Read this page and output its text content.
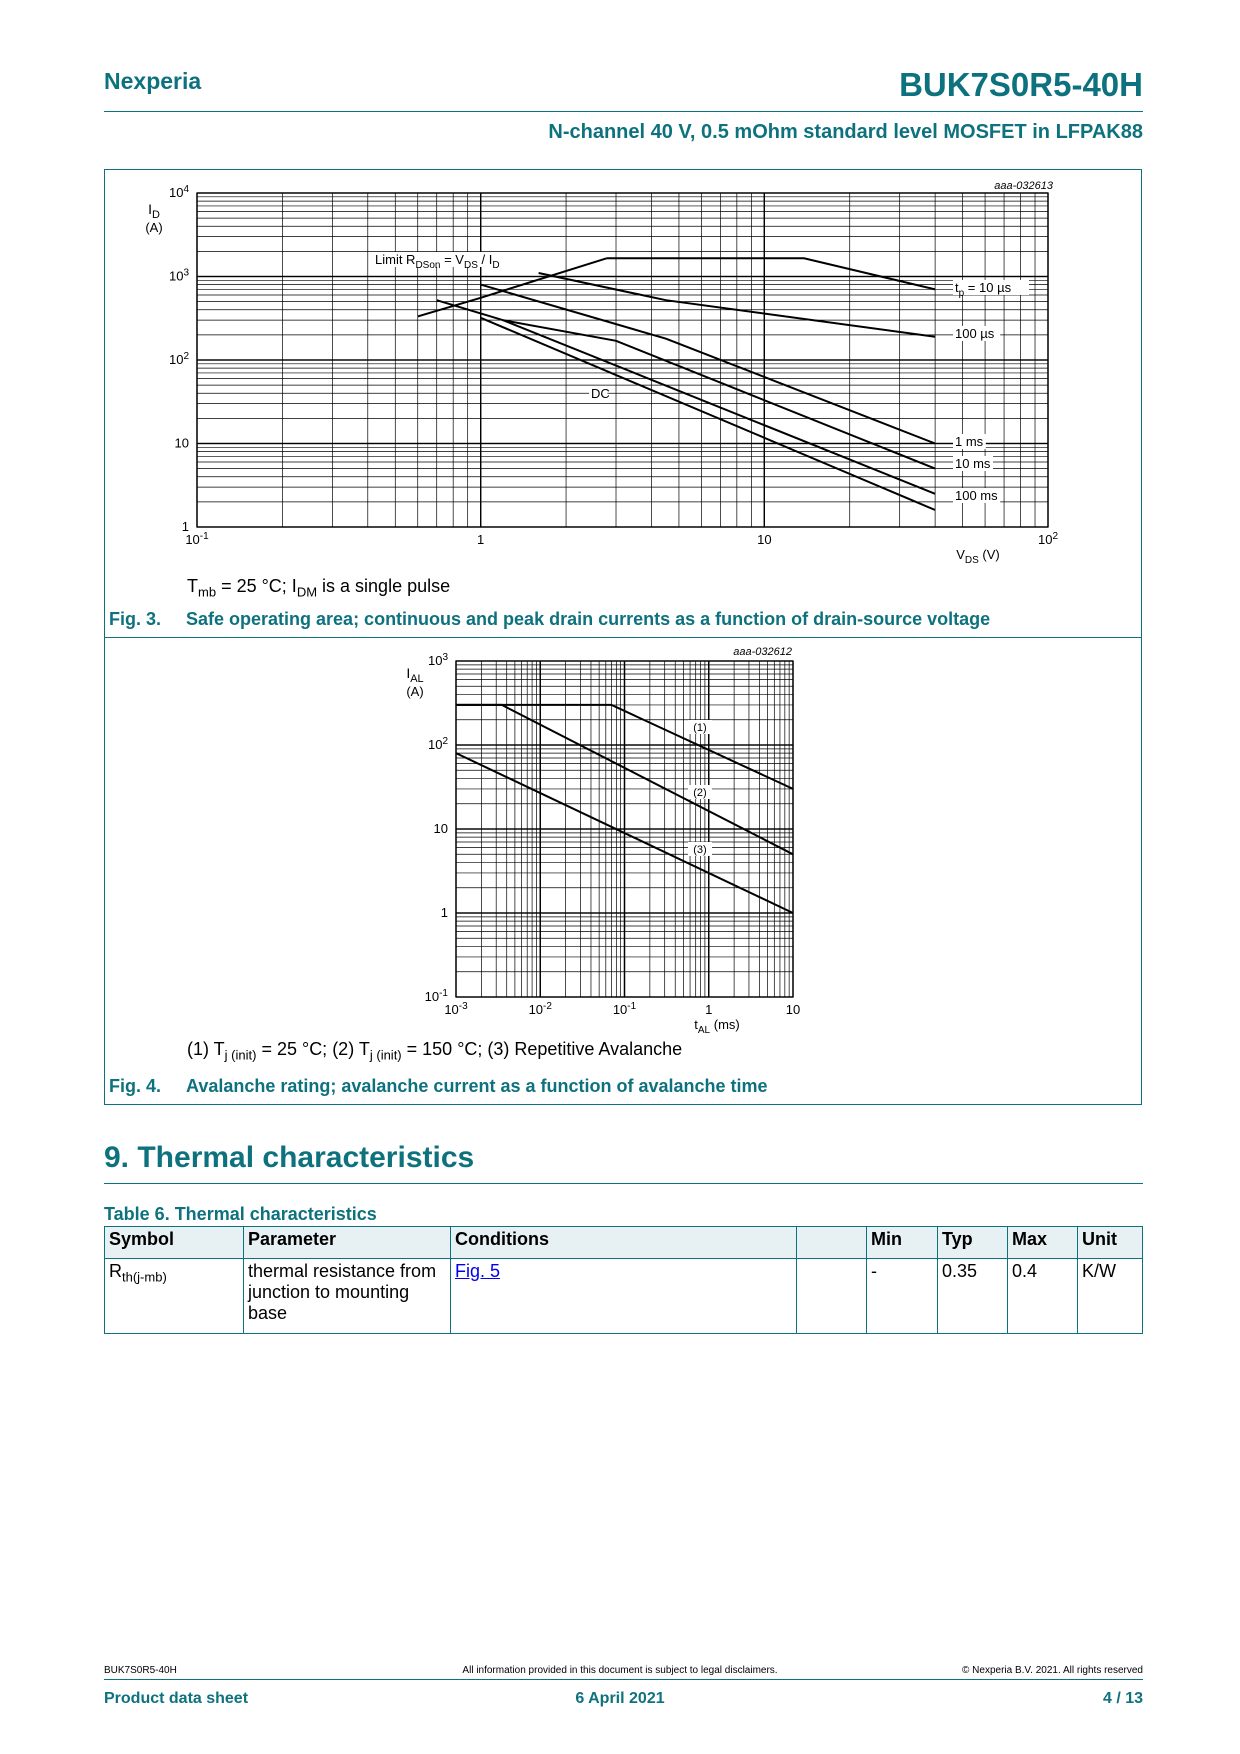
Nexperia	BUK7S0R5-40H
N-channel 40 V, 0.5 mOhm standard level MOSFET in LFPAK88
$10^{-1}$	1	10	$10^2$
1
10
$10^2$
$10^3$
$10^4$
$I_D$
(A)
$V_{DS}$ (V)
Limit $R_{DSon} = V_{DS} / I_D$
DC
$t_p = 10$ µs
100 µs
1 ms
10 ms
100 ms
aaa-032613
$T_{mb} = 25$ °C; $I_{DM}$ is a single pulse
Fig. 3. Safe operating area; continuous and peak drain currents as a function of drain-source voltage
$10^{-3}$	$10^{-2}$	$10^{-1}$	1	10
$10^{-1}$
1
10
$10^2$
$10^3$
$I_{AL}$
(A)
$t_{AL}$ (ms)
(1)
(2)
(3)
aaa-032612
(1) $T_{j (init)} = 25$ °C; (2) $T_{j (init)} = 150$ °C; (3) Repetitive Avalanche
Fig. 4. Avalanche rating; avalanche current as a function of avalanche time
9. Thermal characteristics
Table 6. Thermal characteristics
Symbol	Parameter	Conditions		Min	Typ	Max	Unit
$R_{th(j-mb)}$	thermal resistance from junction to mounting base	Fig. 5		-	0.35	0.4	K/W
BUK7S0R5-40H	All information provided in this document is subject to legal disclaimers.	© Nexperia B.V. 2021. All rights reserved
Product data sheet	6 April 2021	4 / 13
